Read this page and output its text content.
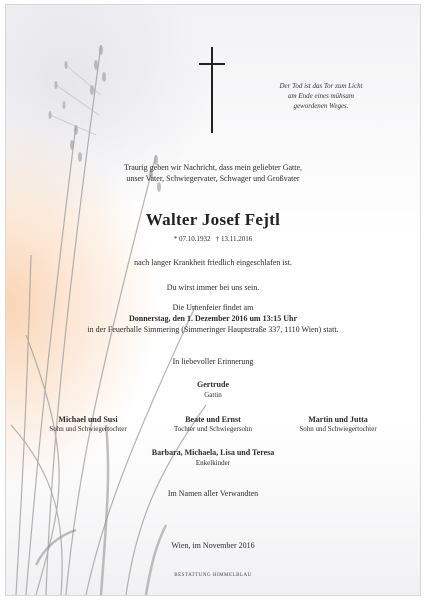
Der Tod ist das Tor zum Licht
am Ende eines mühsam
gewordenen Weges.
Traurig geben wir Nachricht, dass mein geliebter Gatte,
unser Vater, Schwiegervater, Schwager und Großvater
Walter Josef Fejtl
* 07.10.1932   † 13.11.2016
nach langer Krankheit friedlich eingeschlafen ist.
Du wirst immer bei uns sein.
Die Urnenfeier findet am
Donnerstag, den 1. Dezember 2016 um 13:15 Uhr
in der Feuerhalle Simmering (Simmeringer Hauptstraße 337, 1110 Wien) statt.
In liebevoller Erinnerung
Gertrude
Gattin
Michael und Susi
Sohn und Schwiegertochter
Beate und Ernst
Tochter und Schwiegersohn
Martin und Jutta
Sohn und Schwiegertochter
Barbara, Michaela, Lisa und Teresa
Enkelkinder
Im Namen aller Verwandten
Wien, im November 2016
BESTATTUNG HIMMELBLAU
